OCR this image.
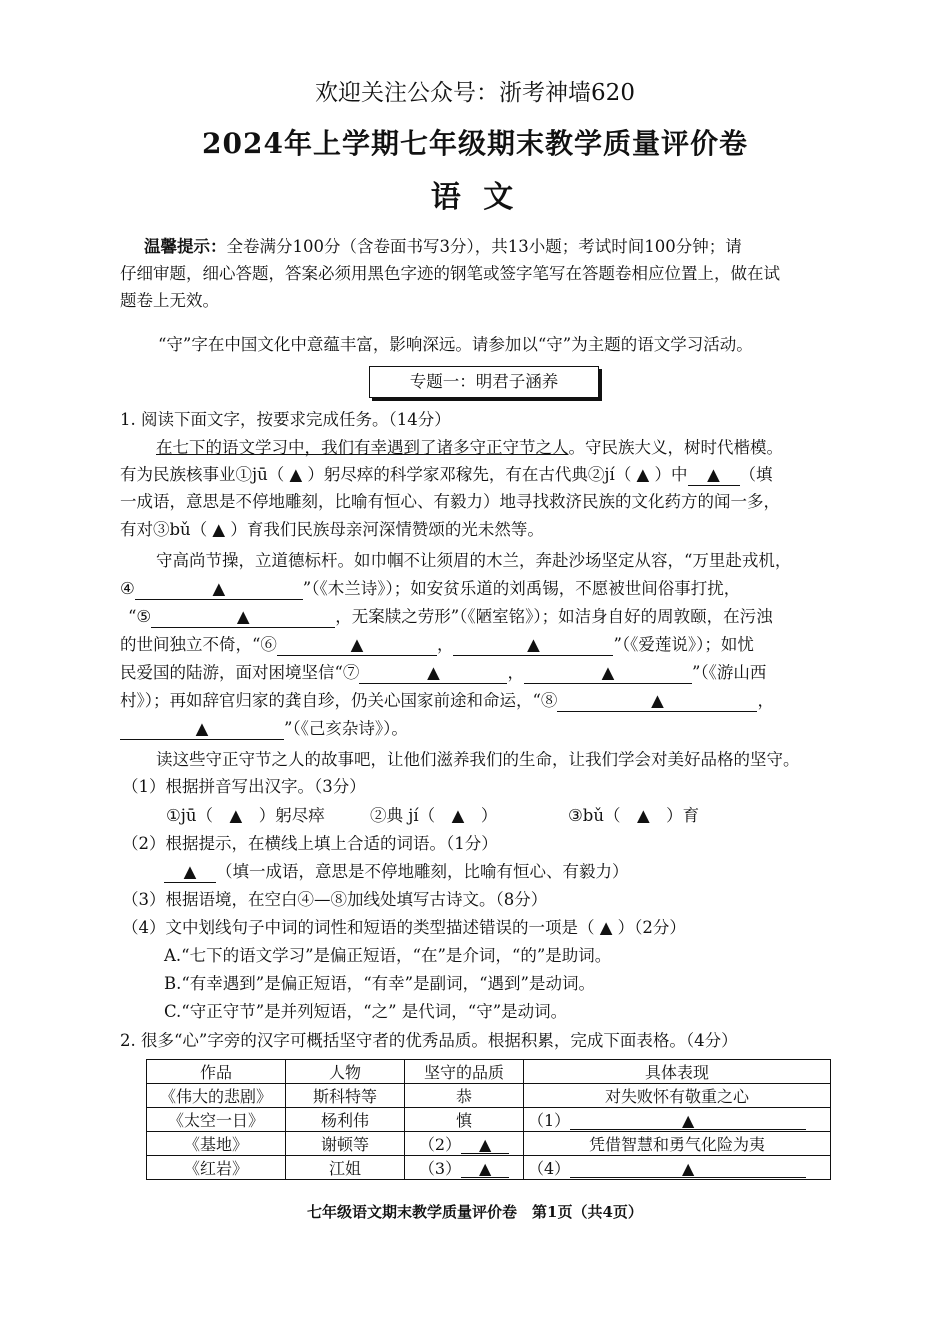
欢迎关注公众号：浙考神墙620
2024年上学期七年级期末教学质量评价卷
语 文
温馨提示：全卷满分100分（含卷面书写3分），共13小题；考试时间100分钟；请
仔细审题，细心答题，答案必须用黑色字迹的钢笔或签字笔写在答题卷相应位置上，做在试
题卷上无效。
“守”字在中国文化中意蕴丰富，影响深远。请参加以“守”为主题的语文学习活动。
专题一：明君子涵养
1. 阅读下面文字，按要求完成任务。（14分）
在七下的语文学习中，我们有幸遇到了诸多守正守节之人。守民族大义，树时代楷模。
有为民族核事业①jū（ ▲ ）躬尽瘁的科学家邓稼先，有在古代典②jí（ ▲ ）中 ▲ （填
一成语，意思是不停地雕刻，比喻有恒心、有毅力）地寻找救济民族的文化药方的闻一多，
有对③bǔ（ ▲ ）育我们民族母亲河深情赞颂的光未然等。
守高尚节操，立道德标杆。如巾帼不让须眉的木兰，奔赴沙场坚定从容，“万里赴戎机，
④	▲	”（《木兰诗》）；如安贫乐道的刘禹锡，不愿被世间俗事打扰，
“⑤	▲	，无案牍之劳形”（《陋室铭》）；如洁身自好的周敦颐，在污浊
的世间独立不倚，“⑥	▲	，	▲	”（《爱莲说》）；如忧
民爱国的陆游，面对困境坚信“⑦	▲	，	▲	”（《游山西
村》）；再如辞官归家的龚自珍，仍关心国家前途和命运，“⑧	▲	，
▲	”（《己亥杂诗》）。
读这些守正守节之人的故事吧，让他们滋养我们的生命，让我们学会对美好品格的坚守。
（1）根据拼音写出汉字。（3分）
①jū（　▲　）躬尽瘁	②典 jí（　▲　）	③bǔ（　▲　）育
（2）根据提示，在横线上填上合适的词语。（1分）
▲ （填一成语，意思是不停地雕刻，比喻有恒心、有毅力）
（3）根据语境，在空白④—⑧加线处填写古诗文。（8分）
（4）文中划线句子中词的词性和短语的类型描述错误的一项是（ ▲ ）（2分）
A.“七下的语文学习”是偏正短语，“在”是介词，“的”是助词。
B.“有幸遇到”是偏正短语，“有幸”是副词，“遇到”是动词。
C.“守正守节”是并列短语，“之” 是代词，“守”是动词。
2. 很多“心”字旁的汉字可概括坚守者的优秀品质。根据积累，完成下面表格。（4分）
作品	人物	坚守的品质	具体表现
《伟大的悲剧》	斯科特等	恭	对失败怀有敬重之心
《太空一日》	杨利伟	慎	（1） ▲
《基地》	谢顿等	（2） ▲	凭借智慧和勇气化险为夷
《红岩》	江姐	（3） ▲	（4） ▲
七年级语文期末教学质量评价卷　第1页（共4页）
